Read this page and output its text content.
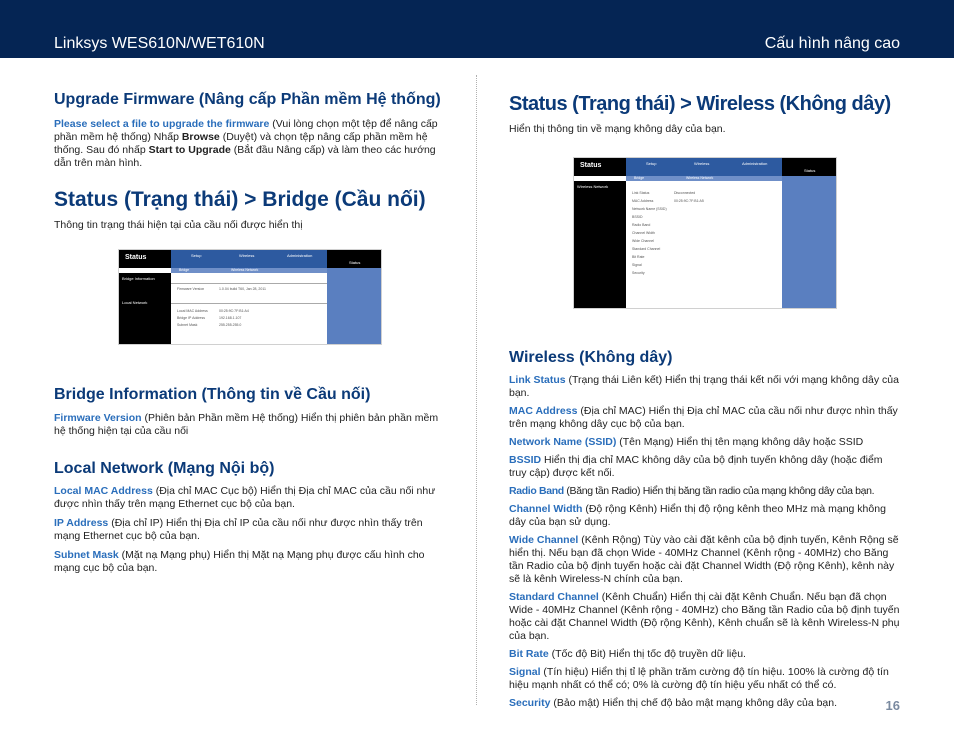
Linksys WES610N/WET610N	Cấu hình nâng cao
Upgrade Firmware (Nâng cấp Phần mềm Hệ thống)

Please select a file to upgrade the firmware (Vui lòng chọn một tệp để nâng cấp phần mềm hệ thống) Nhấp Browse (Duyệt) và chọn tệp nâng cấp phần mềm hệ thống. Sau đó nhấp Start to Upgrade (Bắt đầu Nâng cấp) và làm theo các hướng dẫn trên màn hình.

Status (Trạng thái) > Bridge (Cầu nối)

Thông tin trạng thái hiện tại của cầu nối được hiển thị

Status	Setup	Wireless	Administration
Status
Bridge	Wireless Network
Bridge Information
Local Network
Firmware Version	1.0.04 build T60, Jan 28, 2011
Local MAC Address	00:25:9C:7F:B1:A4
Bridge IP Address	192.168.1.107
Subnet Mask	255.255.255.0
Bridge Information (Thông tin về Cầu nối)

Firmware Version (Phiên bản Phần mềm Hệ thống) Hiển thị phiên bản phần mềm hệ thống hiện tại của cầu nối

Local Network (Mạng Nội bộ)

Local MAC Address (Địa chỉ MAC Cục bộ) Hiển thị Địa chỉ MAC của cầu nối như được nhìn thấy trên mạng Ethernet cục bộ của bạn.

IP Address (Địa chỉ IP) Hiển thị Địa chỉ IP của cầu nối như được nhìn thấy trên mạng Ethernet cục bộ của bạn.

Subnet Mask (Mặt nạ Mạng phụ) Hiển thị Mặt nạ Mạng phụ được cấu hình cho mạng cục bộ của bạn.

Status (Trạng thái) > Wireless (Không dây)

Hiển thị thông tin về mạng không dây của bạn.

Status	Setup	Wireless	Administration
Status
Bridge	Wireless Network
Wireless Network
Link Status	Disconnected
MAC Address	00:25:9C:7F:B1:A5
Network Name (SSID)
BSSID
Radio Band
Channel Width
Wide Channel
Standard Channel
Bit Rate
Signal
Security
Wireless (Không dây)

Link Status (Trạng thái Liên kết) Hiển thị trạng thái kết nối với mạng không dây của bạn.

MAC Address (Địa chỉ MAC) Hiển thị Địa chỉ MAC của cầu nối như được nhìn thấy trên mạng không dây cục bộ của bạn.

Network Name (SSID) (Tên Mạng) Hiển thị tên mạng không dây hoặc SSID

BSSID Hiển thị địa chỉ MAC không dây của bộ định tuyến không dây (hoặc điểm truy cập) được kết nối.

Radio Band (Băng tần Radio) Hiển thị băng tần radio của mạng không dây của bạn.

Channel Width (Độ rộng Kênh) Hiển thị độ rộng kênh theo MHz mà mạng không dây của bạn sử dụng.

Wide Channel (Kênh Rộng) Tùy vào cài đặt kênh của bộ định tuyến, Kênh Rộng sẽ hiển thị. Nếu bạn đã chọn Wide - 40MHz Channel (Kênh rộng - 40MHz) cho Băng tần Radio của bộ định tuyến hoặc cài đặt Channel Width (Độ rộng Kênh), kênh này sẽ là kênh Wireless-N chính của bạn.

Standard Channel (Kênh Chuẩn) Hiển thị cài đặt Kênh Chuẩn. Nếu bạn đã chọn Wide - 40MHz Channel (Kênh rộng - 40MHz) cho Băng tần Radio của bộ định tuyến hoặc cài đặt Channel Width (Độ rộng Kênh), Kênh chuẩn sẽ là kênh Wireless-N phụ của bạn.

Bit Rate (Tốc độ Bit) Hiển thị tốc độ truyền dữ liệu.

Signal (Tín hiệu) Hiển thị tỉ lệ phần trăm cường độ tín hiệu. 100% là cường độ tín hiệu mạnh nhất có thể có; 0% là cường độ tín hiệu yếu nhất có thể có.

Security (Bảo mật) Hiển thị chế độ bảo mật mạng không dây của bạn.	16
